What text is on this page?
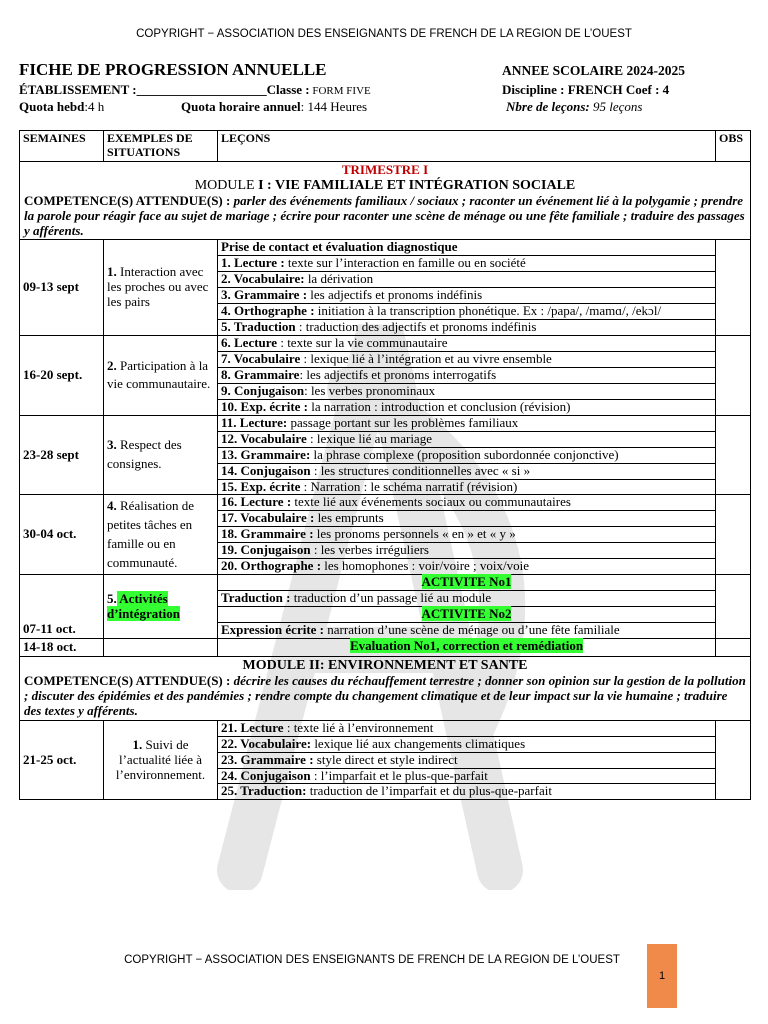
COPYRIGHT − ASSOCIATION DES ENSEIGNANTS DE FRENCH DE LA REGION DE L’OUEST
FICHE DE PROGRESSION ANNUELLE	ANNEE SCOLAIRE 2024-2025
ÉTABLISSEMENT :____________________Classe : FORM FIVE	Discipline : FRENCH Coef : 4
Quota hebd:4 h	Quota horaire annuel: 144 Heures	Nbre de leçons: 95 leçons
SEMAINES	EXEMPLES DE SITUATIONS	LEÇONS	OBS

TRIMESTRE I
MODULE I : VIE FAMILIALE ET INTÉGRATION SOCIALE
COMPETENCE(S) ATTENDUE(S) : parler des événements familiaux / sociaux ; raconter un événement lié à la polygamie ; prendre la parole pour réagir face au sujet de mariage ; écrire pour raconter une scène de ménage ou une fête familiale ; traduire des passages y afférents.			

09-13 sept	1. Interaction avec les proches ou avec les pairs	Prise de contact et évaluation diagnostique	
		1. Lecture : texte sur l’interaction en famille ou en société	
		2. Vocabulaire: la dérivation	
		3. Grammaire : les adjectifs et pronoms indéfinis	
		4. Orthographe : initiation à la transcription phonétique. Ex : /papa/, /mamɑ/, /ekɔl/	
		5. Traduction : traduction des adjectifs et pronoms indéfinis	
16-20 sept.	2. Participation à la vie communautaire.	6. Lecture : texte sur la vie communautaire	
		7. Vocabulaire : lexique lié à l’intégration et au vivre ensemble	
		8. Grammaire: les adjectifs et pronoms interrogatifs	
		9. Conjugaison: les verbes pronominaux	
		10. Exp. écrite : la narration : introduction et conclusion (révision)	
23-28 sept	3. Respect des consignes.	11. Lecture: passage portant sur les problèmes familiaux	
		12. Vocabulaire : lexique lié au mariage	
		13. Grammaire: la phrase complexe (proposition subordonnée conjonctive)	
		14. Conjugaison : les structures conditionnelles avec « si »	
		15. Exp. écrite : Narration : le schéma narratif (révision)	
30-04 oct.	4. Réalisation de petites tâches en famille ou en communauté.	16. Lecture : texte lié aux événements sociaux ou communautaires	
		17. Vocabulaire : les emprunts	
		18. Grammaire : les pronoms personnels « en » et « y »	
		19. Conjugaison : les verbes irréguliers	
		20. Orthographe : les homophones : voir/voire ; voix/voie	
07-11 oct.	5. Activités d’intégration	ACTIVITE No1	
		Traduction : traduction d’un passage lié au module	
		ACTIVITE No2	
		Expression écrite : narration d’une scène de ménage ou d’une fête familiale	
14-18 oct.		Evaluation No1, correction et remédiation	

MODULE II: ENVIRONNEMENT ET SANTE
COMPETENCE(S) ATTENDUE(S) : décrire les causes du réchauffement terrestre ; donner son opinion sur la gestion de la pollution ; discuter des épidémies et des pandémies ; rendre compte du changement climatique et de leur impact sur la vie humaine ; traduire des textes y afférents.			

21-25 oct.	1. Suivi de l’actualité liée à l’environnement.	21. Lecture : texte lié à l’environnement	
		22. Vocabulaire: lexique lié aux changements climatiques	
		23. Grammaire : style direct et style indirect	
		24. Conjugaison : l’imparfait et le plus-que-parfait	
		25. Traduction: traduction de l’imparfait et du plus-que-parfait	
COPYRIGHT − ASSOCIATION DES ENSEIGNANTS DE FRENCH DE LA REGION DE L’OUEST
1
